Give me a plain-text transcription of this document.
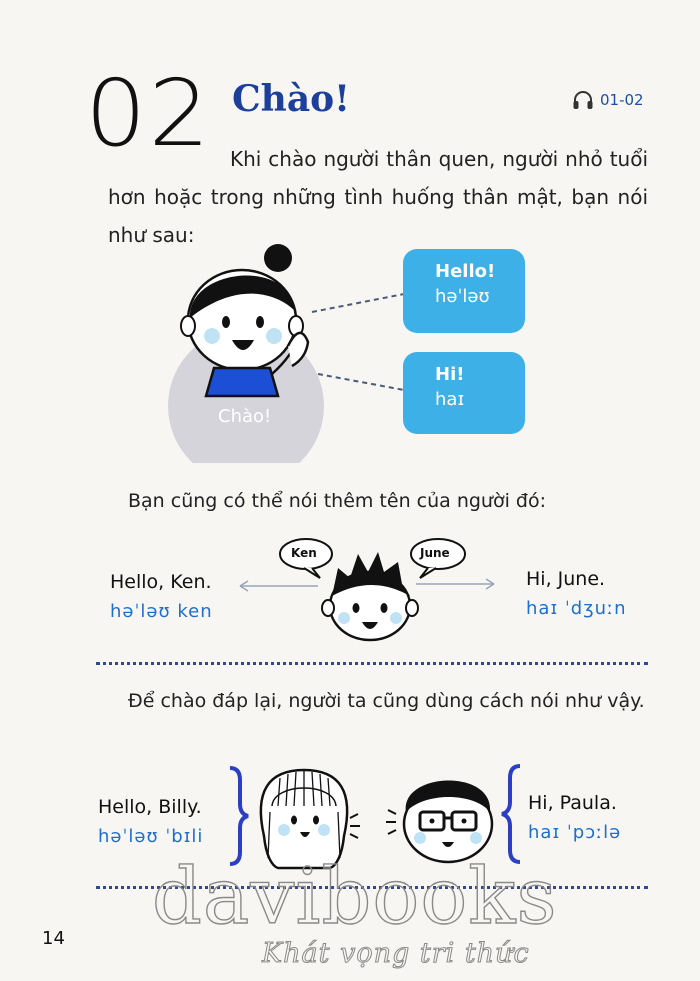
02 Chào!	01-02
Khi chào người thân quen, người nhỏ tuổi hơn hoặc trong những tình huống thân mật, bạn nói như sau:
Chào!
Hello!
həˈləʊ
Hi!
haɪ
Bạn cũng có thể nói thêm tên của người đó:
Hello, Ken.
həˈləʊ ken
Hi, June.
haɪ ˈdʒuːn
Ken	June
Để chào đáp lại, người ta cũng dùng cách nói như vậy.
Hello, Billy.
həˈləʊ ˈbɪli
Hi, Paula.
haɪ ˈpɔːlə
14 davibooks
Khát vọng tri thức
